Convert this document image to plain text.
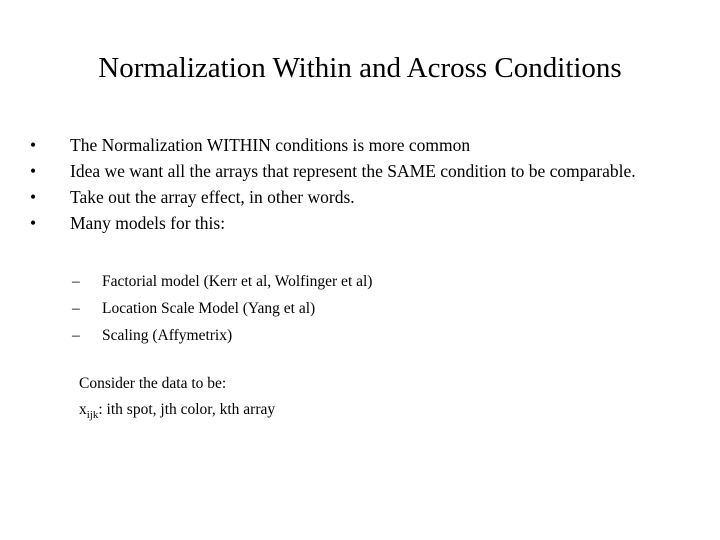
Normalization Within and Across Conditions
• The Normalization WITHIN conditions is more common
• Idea we want all the arrays that represent the SAME condition to be comparable.
• Take out the array effect, in other words.
• Many models for this:
– Factorial model (Kerr et al, Wolfinger et al)
– Location Scale Model (Yang et al)
– Scaling (Affymetrix)
Consider the data to be:
$x_{ijk}$: ith spot, jth color, kth array
